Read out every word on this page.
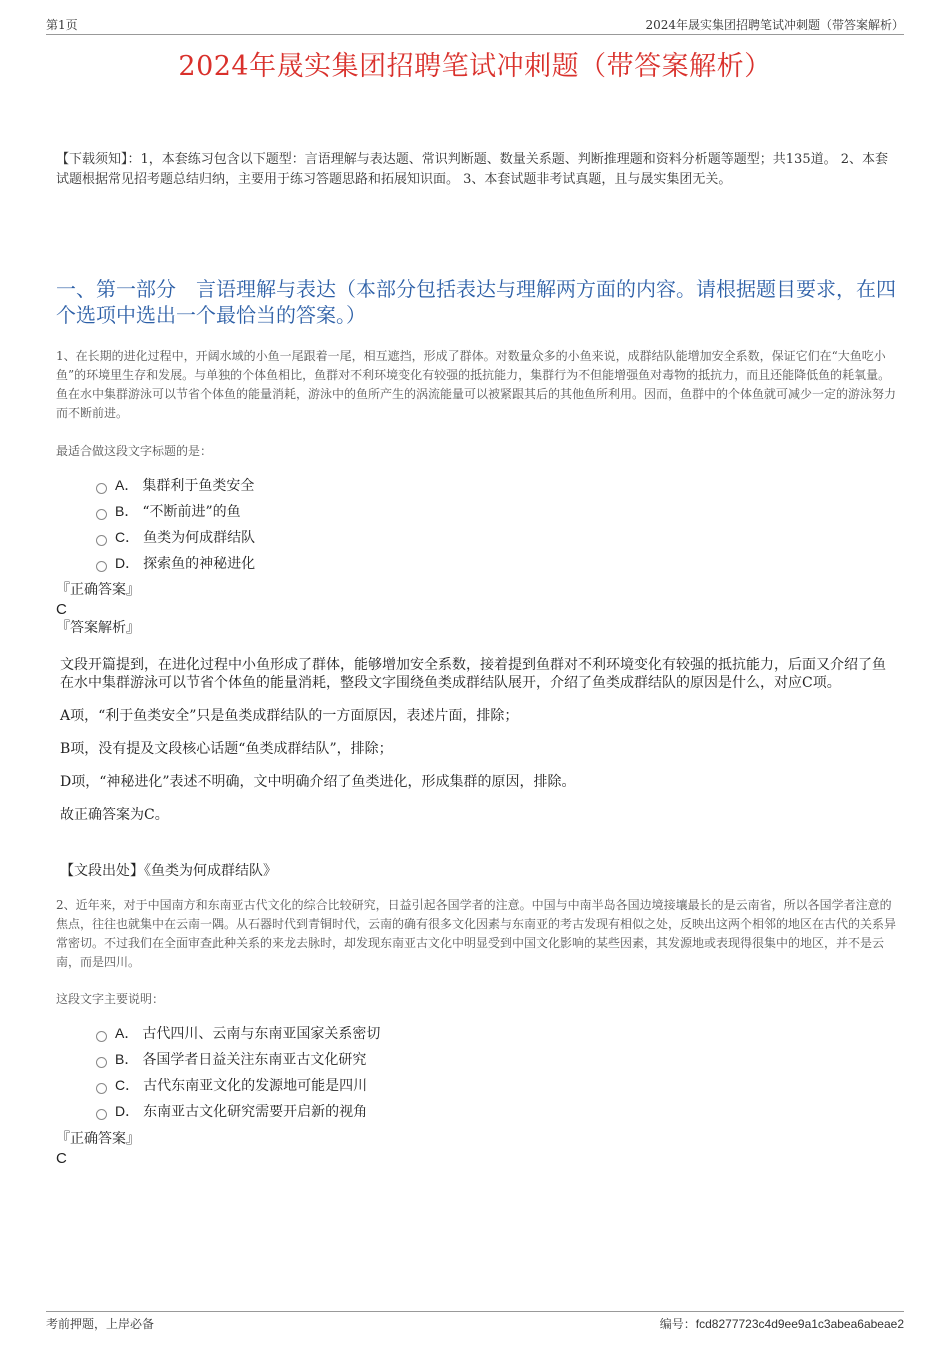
第1页	2024年晟实集团招聘笔试冲刺题（带答案解析）
2024年晟实集团招聘笔试冲刺题（带答案解析）
【下载须知】：1，本套练习包含以下题型：言语理解与表达题、常识判断题、数量关系题、判断推理题和资料分析题等题型；共135道。 2、本套试题根据常见招考题总结归纳，主要用于练习答题思路和拓展知识面。 3、本套试题非考试真题，且与晟实集团无关。
一、第一部分　言语理解与表达（本部分包括表达与理解两方面的内容。请根据题目要求，在四个选项中选出一个最恰当的答案。）
1、在长期的进化过程中，开阔水域的小鱼一尾跟着一尾，相互遮挡，形成了群体。对数量众多的小鱼来说，成群结队能增加安全系数，保证它们在“大鱼吃小鱼”的环境里生存和发展。与单独的个体鱼相比，鱼群对不利环境变化有较强的抵抗能力，集群行为不但能增强鱼对毒物的抵抗力，而且还能降低鱼的耗氧量。鱼在水中集群游泳可以节省个体鱼的能量消耗，游泳中的鱼所产生的涡流能量可以被紧跟其后的其他鱼所利用。因而，鱼群中的个体鱼就可减少一定的游泳努力而不断前进。
最适合做这段文字标题的是：
A． 集群利于鱼类安全
B． “不断前进”的鱼
C． 鱼类为何成群结队
D． 探索鱼的神秘进化
『正确答案』
C
『答案解析』

文段开篇提到，在进化过程中小鱼形成了群体，能够增加安全系数，接着提到鱼群对不利环境变化有较强的抵抗能力，后面又介绍了鱼在水中集群游泳可以节省个体鱼的能量消耗，整段文字围绕鱼类成群结队展开，介绍了鱼类成群结队的原因是什么，对应C项。

A项，“利于鱼类安全”只是鱼类成群结队的一方面原因，表述片面，排除；

B项，没有提及文段核心话题“鱼类成群结队”，排除；

D项，“神秘进化”表述不明确，文中明确介绍了鱼类进化，形成集群的原因，排除。

故正确答案为C。

【文段出处】《鱼类为何成群结队》
2、近年来，对于中国南方和东南亚古代文化的综合比较研究，日益引起各国学者的注意。中国与中南半岛各国边境接壤最长的是云南省，所以各国学者注意的焦点，往往也就集中在云南一隅。从石器时代到青铜时代，云南的确有很多文化因素与东南亚的考古发现有相似之处，反映出这两个相邻的地区在古代的关系异常密切。不过我们在全面审查此种关系的来龙去脉时，却发现东南亚古文化中明显受到中国文化影响的某些因素，其发源地或表现得很集中的地区，并不是云南，而是四川。
这段文字主要说明：
A． 古代四川、云南与东南亚国家关系密切
B． 各国学者日益关注东南亚古文化研究
C． 古代东南亚文化的发源地可能是四川
D． 东南亚古文化研究需要开启新的视角
『正确答案』
C
考前押题，上岸必备	编号：fcd8277723c4d9ee9a1c3abea6abeae2
